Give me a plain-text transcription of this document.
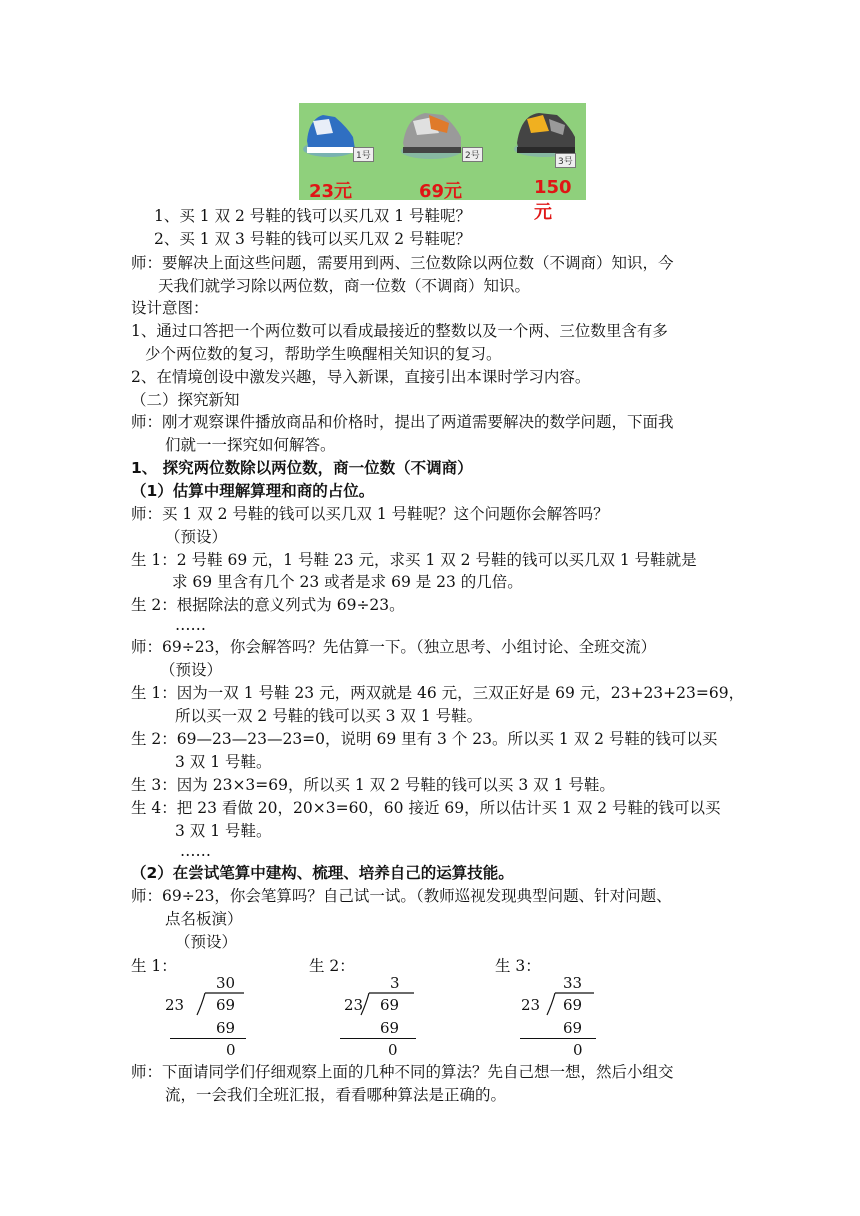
1号	2号
3号
23元	69元	150元
1、买 1 双 2 号鞋的钱可以买几双 1 号鞋呢？
2、买 1 双 3 号鞋的钱可以买几双 2 号鞋呢？
师：要解决上面这些问题，需要用到两、三位数除以两位数（不调商）知识，今
天我们就学习除以两位数，商一位数（不调商）知识。
设计意图：
1、通过口答把一个两位数可以看成最接近的整数以及一个两、三位数里含有多
少个两位数的复习，帮助学生唤醒相关知识的复习。
2、在情境创设中激发兴趣，导入新课，直接引出本课时学习内容。
（二）探究新知
师：刚才观察课件播放商品和价格时，提出了两道需要解决的数学问题，下面我
们就一一探究如何解答。
1、 探究两位数除以两位数，商一位数（不调商）
（1）估算中理解算理和商的占位。
师：买 1 双 2 号鞋的钱可以买几双 1 号鞋呢？这个问题你会解答吗？
（预设）
生 1：2 号鞋 69 元，1 号鞋 23 元，求买 1 双 2 号鞋的钱可以买几双 1 号鞋就是
求 69 里含有几个 23 或者是求 69 是 23 的几倍。
生 2：根据除法的意义列式为 69÷23。
……
师：69÷23，你会解答吗？先估算一下。（独立思考、小组讨论、全班交流）
（预设）
生 1：因为一双 1 号鞋 23 元，两双就是 46 元，三双正好是 69 元，23+23+23=69，
所以买一双 2 号鞋的钱可以买 3 双 1 号鞋。
生 2：69—23—23—23=0，说明 69 里有 3 个 23。所以买 1 双 2 号鞋的钱可以买
3 双 1 号鞋。
生 3：因为 23×3=69，所以买 1 双 2 号鞋的钱可以买 3 双 1 号鞋。
生 4：把 23 看做 20，20×3=60，60 接近 69，所以估计买 1 双 2 号鞋的钱可以买
3 双 1 号鞋。
……
（2）在尝试笔算中建构、梳理、培养自己的运算技能。
师：69÷23，你会笔算吗？自己试一试。（教师巡视发现典型问题、针对问题、
点名板演）
（预设）
生 1：
30
23 69
69
0
生 2：
3
23 69
69
0
生 3：
33
23 69
69
0
师：下面请同学们仔细观察上面的几种不同的算法？先自己想一想，然后小组交
流，一会我们全班汇报，看看哪种算法是正确的。
